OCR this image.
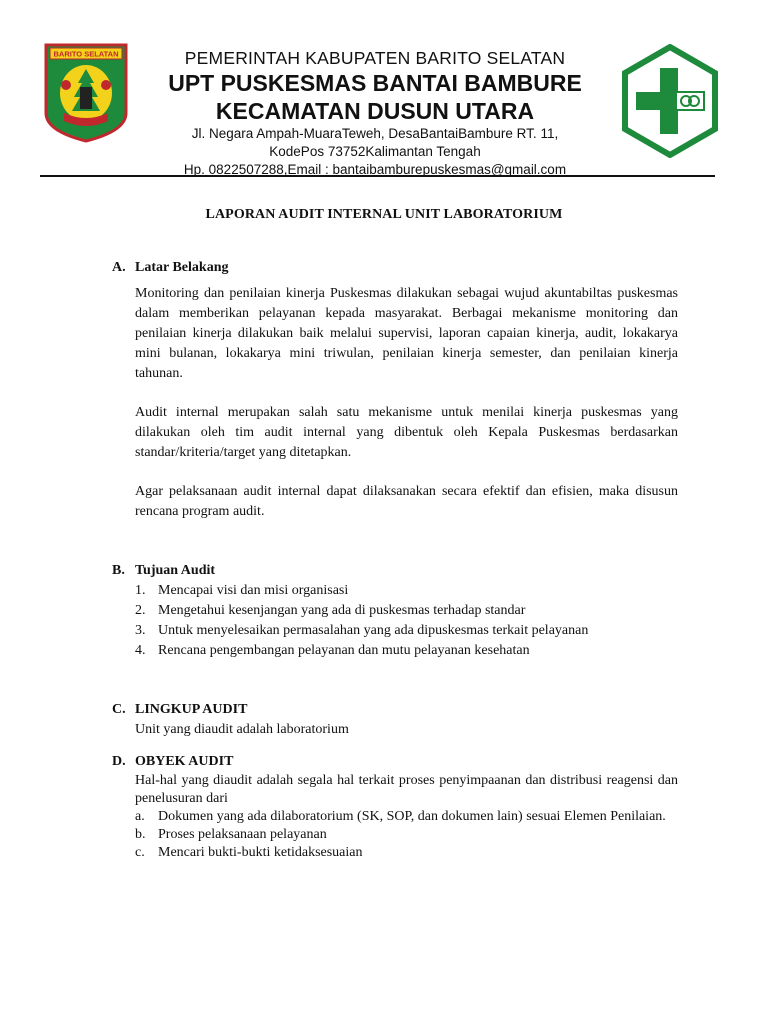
BARITO SELATAN	PEMERINTAH KABUPATEN BARITO SELATAN
UPT PUSKESMAS BANTAI BAMBURE
KECAMATAN DUSUN UTARA
Jl. Negara Ampah-MuaraTeweh, DesaBantaiBambure RT. 11,
KodePos 73752Kalimantan Tengah
Hp. 0822507288,Email : bantaibamburepuskesmas@gmail.com
LAPORAN AUDIT INTERNAL UNIT LABORATORIUM
A. Latar Belakang

Monitoring dan penilaian kinerja Puskesmas dilakukan sebagai wujud akuntabiltas puskesmas dalam memberikan pelayanan kepada masyarakat. Berbagai mekanisme monitoring dan penilaian kinerja dilakukan baik melalui supervisi, laporan capaian kinerja, audit, lokakarya mini bulanan, lokakarya mini triwulan, penilaian kinerja semester, dan penilaian kinerja tahunan.

Audit internal merupakan salah satu mekanisme untuk menilai kinerja puskesmas yang dilakukan oleh tim audit internal yang dibentuk oleh Kepala Puskesmas berdasarkan standar/kriteria/target yang ditetapkan.

Agar pelaksanaan audit internal dapat dilaksanakan secara efektif dan efisien, maka disusun rencana program audit.

B. Tujuan Audit
1. Mencapai visi dan misi organisasi
2. Mengetahui kesenjangan yang ada di puskesmas terhadap standar
3. Untuk menyelesaikan permasalahan yang ada dipuskesmas terkait pelayanan
4. Rencana pengembangan pelayanan dan mutu pelayanan kesehatan
C. LINGKUP AUDIT

Unit yang diaudit adalah laboratorium

D. OBYEK AUDIT

Hal-hal yang diaudit adalah segala hal terkait proses penyimpaanan dan distribusi reagensi dan penelusuran dari

a. Dokumen yang ada dilaboratorium (SK, SOP, dan dokumen lain) sesuai Elemen Penilaian.
b. Proses pelaksanaan pelayanan
c. Mencari bukti-bukti ketidaksesuaian
